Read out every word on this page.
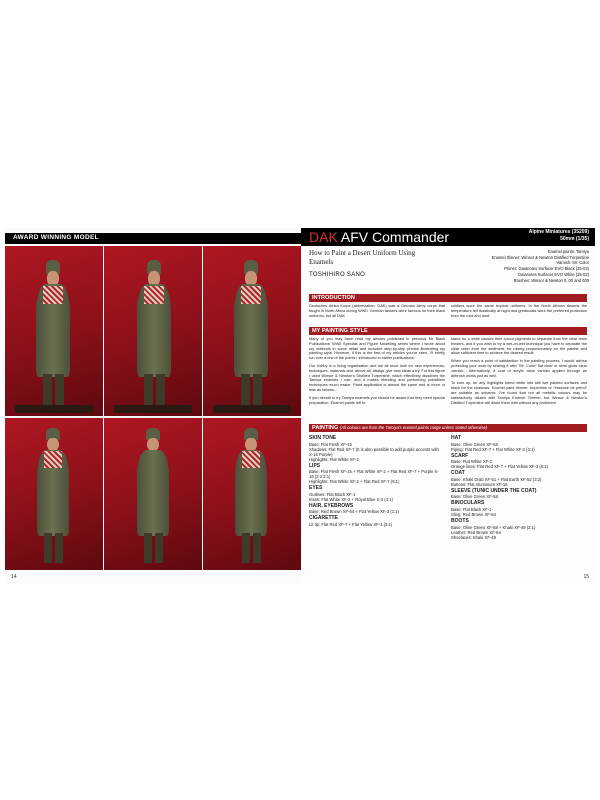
AWARD WINNING MODEL
14
Alpine Miniatures (35209)
50mm (1/35)
DAK AFV Commander
How to Paint a Desert Uniform Using Enamels
TOSHIHIRO SANO
Enamel paints: Tamiya
Enamel thinner: Winsor & Newton Distilled Turpentine
Varnish: Mr. Color
Primer: Gaianotes Surfacer EVO Black (25-03)
Gaianotes Surfacer EVO White (25-02)
Brushes: Winsor & Newton 0, 00 and 000
INTRODUCTION
Deutsches Afrika Korps (abbreviation: DAK) was a German Army corps that fought in North Africa during WWII. German tankers were famous for their black uniforms, but all DAK
soldiers wore the same tropical uniforms. In the North African deserts the temperature fell drastically at night and greatcoats were the preferred protection from the cold and dust.
MY PAINTING STYLE

Many of you may have read my articles published in previous Mr Black Publications' WWII Specials and Figure Modelling series where I wrote about my methods in some detail and included step-by-step photos illustrating my painting style. However, if this is the first of my articles you've seen, I'll briefly run over a few of the points I introduced in earlier publications.

Our hobby is a living organisation and we all must look for new experiences, techniques, materials and, above all, always give new ideas a try. For this figure I used Winsor & Newton's Distilled Turpentine, which effectively dissolves the Tamiya enamels I use, and it makes blending and performing pointillism techniques much easier. Paint application is almost the same and is more or less as follows...

If you decide to try Tamiya enamels you should be aware that they need special preparation. Enamel paints left to

stand for a while causes their colour pigments to separate from the clear resin binders, and if you wish to try a wet-on-wet technique you have to separate the clear resin from the sediment, for mixing proportionately on the palette and allow sufficient time to achieve the desired result.

When you reach a point of satisfaction in the painting process, I would advise protecting your work by sealing it with "Mr. Color" flat clear or semi gloss clear varnish... Alternatively, a coat of acrylic clear varnish applied through an airbrush works just as well.

To sum up, for any highlights blend white into still wet painted surfaces and black for the shadows. Enamel paint thinner, turpentine or "essence de petrol" are suitable as solvents. I've found that not all metallic colours may be satisfactorily diluted with Tamiya Enamel Thinner, but Winsor & Newton's Distilled Turpentine will dilute them with without any problems!

PAINTING (All colours are from the Tamiya's enamel paints range unless stated otherwise)
SKIN TONE
Base: Flat Flesh XF-15
Shadows: Flat Red XF-7 (It is also possible to add purple accents with X-16 Purple)
Highlights: Flat White XF-2
LIPS
Base: Flat Flesh XF-15 + Flat White XF-2 + Flat Red XF-7 + Purple X-16 (2:2:2:1)
Highlights: Flat White XF-2 + Flat Red XF-7 (5:1)
EYES
Outlines: Flat Black XF-1
Irises: Flat White XF-2 + Royal Blue X-3 (4:1)
HAIR, EYEBROWS
Base: Red Brown XF-64 + Flat Yellow XF-3 (1:1)
CIGARETTE
Lit tip: Flat Red XF-7 + Flat Yellow XF-3 (3:1)
HAT
Base: Olive Green XF-58
Piping: Flat Red XF-7 + Flat White XF-2 (3:1)
SCARF
Base: Flat White XF-2
Orange lines: Flat Red XF-7 + Flat Yellow XF-3 (5:1)
COAT
Base: Khaki Drab XF-51 + Flat Earth XF-52 (3:2)
Buttons: Flat Aluminium XF-16
SLEEVE (TUNIC UNDER THE COAT)
Base: Olive Green XF-58
BINOCULARS
Base: Flat Black XF-1
Sling: Red Brown XF-64
BOOTS
Base: Olive Green XF-58 + Khaki XF-49 (2:1)
Leather: Red Brown XF-64
Shoelaces: Khaki XF-49
15
